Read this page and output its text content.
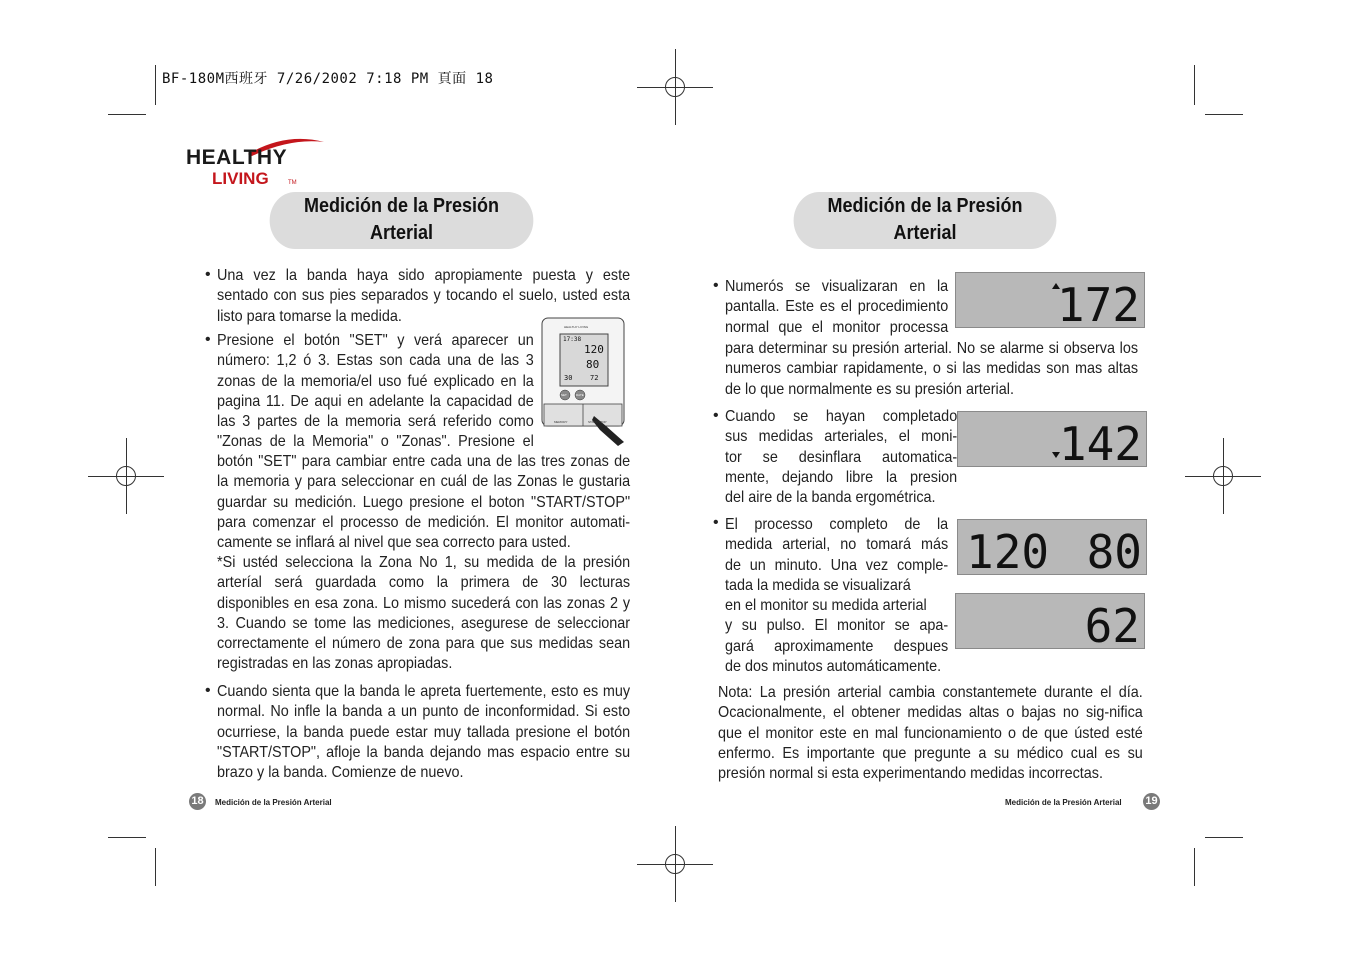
BF-180M西班牙 7/26/2002 7:18 PM 頁面 18
HEALTHY
LIVING	TM
Medición de la Presión
Arterial
• Una vez la banda haya sido apropiamente puesta y este sentado con sus pies separados y tocando el suelo, usted esta listo para tomarse la medida.
• Presione el botón "SET" y verá aparecer un
número: 1,2 ó 3. Estas son cada una de las 3
zonas de la memoria/el uso fué explicado en la
pagina 11. De aqui en adelante la capacidad de
las 3 partes de la memoria será referido como
"Zonas de la Memoria" o "Zonas". Presione el
botón "SET" para cambiar entre cada una de las tres zonas de la memoria y para seleccionar en cuál de las Zonas le gustaria guardar su medición. Luego presione el boton "START/STOP" para comenzar el processo de medición. El monitor automati-camente se inflará al nivel que sea correcto para usted.
*Si ustéd selecciona la Zona No 1, su medida de la presión arteríal será guardada como la primera de 30 lecturas disponibles en esa zona. Lo mismo sucederá con las zonas 2 y 3. Cuando se tome las mediciones, asegurese de seleccionar correctamente el número de zona para que sus medidas sean registradas en las zonas apropiadas.
• Cuando sienta que la banda le apreta fuertemente, esto es muy normal. No infle la banda a un punto de inconformidad. Si esto ocurriese, la banda puede estar muy tallada presione el botón "START/STOP", afloje la banda dejando mas espacio entre su brazo y la banda. Comienze de nuevo.
HEALTHY LIVING
17:38
120
80
30	72
SET	DATE
MEMORY	START/STOP
18 Medición de la Presión Arterial
Medición de la Presión
Arterial
• Numerós se visualizaran en la
pantalla. Este es el procedimiento
normal que el monitor processa
para determinar su presión arterial. No se alarme si observa los numeros cambiar rapidamente, o si las medidas son mas altas de lo que normalmente es su presión arterial.
• Cuando se hayan completado
sus medidas arteriales, el moni-
tor se desinflara automatica-
mente, dejando libre la presion
del aire de la banda ergométrica.
• El processo completo de la
medida arterial, no tomará más
de un minuto. Una vez comple-
tada la medida se visualizará
en el monitor su medida arterial
y su pulso. El monitor se apa-
gará aproximamente despues
de dos minutos automáticamente.
Nota: La presión arterial cambia constantemete durante el día. Ocacionalmente, el obtener medidas altas o bajas no sig-nifica que el monitor este en mal funcionamiento o de que ústed esté enfermo. Es importante que pregunte a su médico cual es su presión normal si esta experimentando medidas incorrectas.
172
142
120 80
62
Medición de la Presión Arterial 19
